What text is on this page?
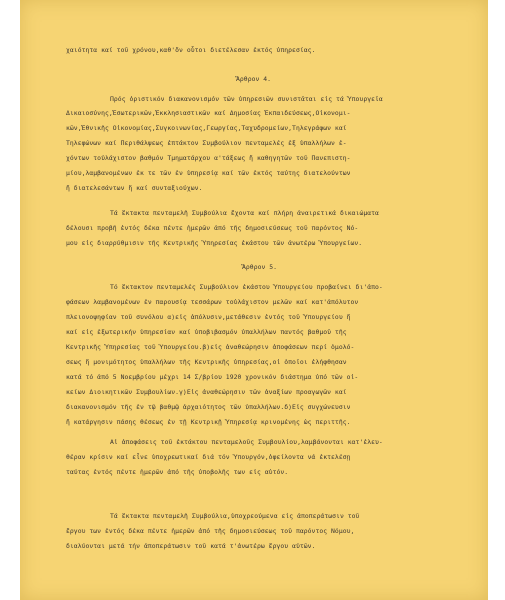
χαιότητα καί τοῦ χρόνου,καθ'ὅν οὗτοι διετέλεσαν ἐκτός ὑπηρεσίας.
Ἄρθρον 4.
Πρός ὁριστικόν διακανονισμόν τῶν ὑπηρεσιῶν συνιστᾶται εἰς τά Ὑπουργεῖα
Δικαιοσύνης,Ἐσωτερικῶν,Ἐκκλησιαστικῶν καί Δημοσίας Ἐκπαιδεύσεως,Οἰκονομι-
κῶν,Ἐθνικῆς Οἰκονομίας,Συγκοινωνίας,Γεωργίας,Ταχυδρομείων,Τηλεγράφων καί
Τηλεφώνων καί Περιθάλψεως ἑπτάκτον Συμβούλιον πενταμελές ἐξ ὑπαλλήλων ἐ-
χόντων τοὐλάχιστον βαθμόν Τμηματάρχου α'τάξεως ἤ καθηγητῶν τοῦ Πανεπιστη-
μίου,λαμβανομένων ἐκ τε τῶν ἐν ὑπηρεσίᾳ καί τῶν ἐκτός ταύτης διατελούντων
ἤ διατελεσάντων ἤ καί συνταξιούχων.
Τά ἕκτακτα πενταμελῆ Συμβούλια ἔχοντα καί πλήρη ἀναιρετικά δικαιώματα
δέλουσι προβῆ ἐντός δέκα πέντε ἡμερῶν ἀπό τῆς δημοσιεύσεως τοῦ παρόντος Νό-
μου εἰς διαρρύθμισιν τῆς Κεντρικῆς Ὑπηρεσίας ἑκάστου τῶν ἀνωτέρω Ὑπουργείων.
Ἄρθρον 5.
Τό ἕκτακτον πενταμελές Συμβούλιον ἑκάστου Ὑπουργείου προβαίνει δι'ἀπο-
φάσεων λαμβανομένων ἐν παρουσίᾳ τεσσάρων τοὐλάχιστον μελῶν καί κατ'ἀπόλυτον
πλειονοψηφίαν τοῦ συνόλου α)εἰς ἀπόλυσιν,μετάθεσιν ἐντός τοῦ Ὑπουργείου ἤ
καί εἰς ἐξωτερικήν ὑπηρεσίαν καί ὑποβιβασμόν ὑπαλλήλων παντός βαθμοῦ τῆς
Κεντρικῆς Ὑπηρεσίας τοῦ Ὑπουργείου.β)εἰς ἀναθεώρησιν ἀποφάσεων περί ὁμολό-
σεως ἤ μονιμότητος ὑπαλλήλων τῆς Κεντρικῆς ὑπηρεσίας,οἱ ὁποῖοι ἐλήφθησαν
κατά τό ἀπό 5 Νοεμβρίου μέχρι 14 Σ/βρίου 1920 χρονικόν διάστημα ὑπό τῶν οἰ-
κείων Διοικητικῶν Συμβουλίων.γ)Εἰς ἀναθεώρησιν τῶν ἀναξίων προαγωγῶν καί
διακανονισμόν τῆς ἐν τῷ βαθμῷ ἀρχαιότητος τῶν ὑπαλλήλων.δ)Εἰς συγχώνευσιν
ἤ κατάργησιν πάσης θέσεως ἐν τῇ Κεντρικῇ Ὑπηρεσίᾳ κρινομένης ὡς περιττῆς.
Αἱ ἀποφάσεις τοῦ ἐκτάκτου πενταμελοῦς Συμβουλίου,λαμβάνονται κατ'ἐλευ-
θέραν κρίσιν καί εἶνε ὑποχρεωτικαί διά τόν Ὑπουργόν,ὀφείλοντα νά ἐκτελέσῃ
ταύτας ἐντός πέντε ἡμερῶν ἀπό τῆς ὑποβολῆς των εἰς αὐτόν.
Τά ἕκτακτα πενταμελῆ Συμβούλια,ὑποχρεούμενα εἰς ἀποπεράτωσιν τοῦ
ἔργου των ἐντός δέκα πέντε ἡμερῶν ἀπό τῆς δημοσιεύσεως τοῦ παρόντος Νόμου,
διαλύονται μετά τήν ἀποπεράτωσιν τοῦ κατά τ'ἀνωτέρω ἔργου αὐτῶν.
